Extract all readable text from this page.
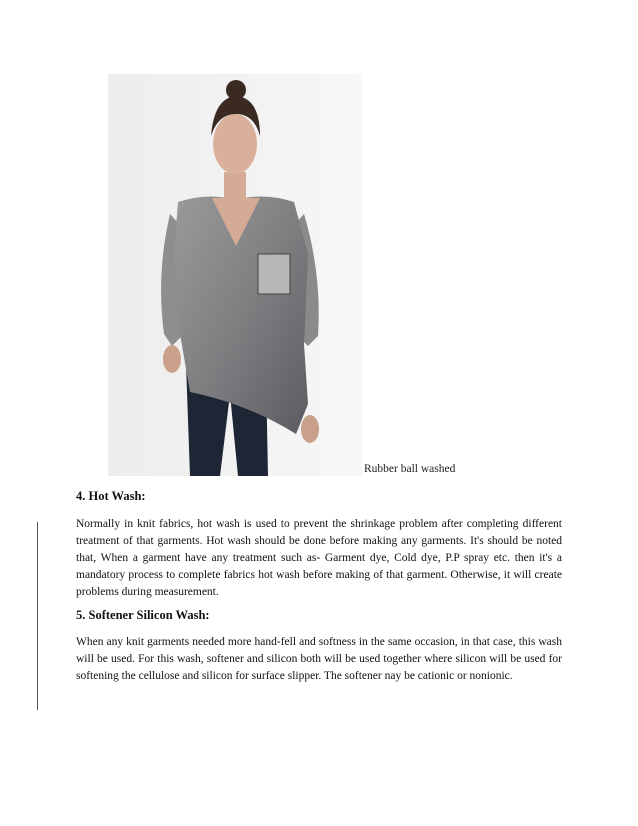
Rubber ball washed
4. Hot Wash:

Normally in knit fabrics, hot wash is used to prevent the shrinkage problem after completing different treatment of that garments. Hot wash should be done before making any garments. It's should be noted that, When a garment have any treatment such as- Garment dye, Cold dye, P.P spray etc. then it's a mandatory process to complete fabrics hot wash before making of that garment. Otherwise, it will create problems during measurement.

5. Softener Silicon Wash:

When any knit garments needed more hand-fell and softness in the same occasion, in that case, this wash will be used. For this wash, softener and silicon both will be used together where silicon will be used for softening the cellulose and silicon for surface slipper. The softener nay be cationic or nonionic.
